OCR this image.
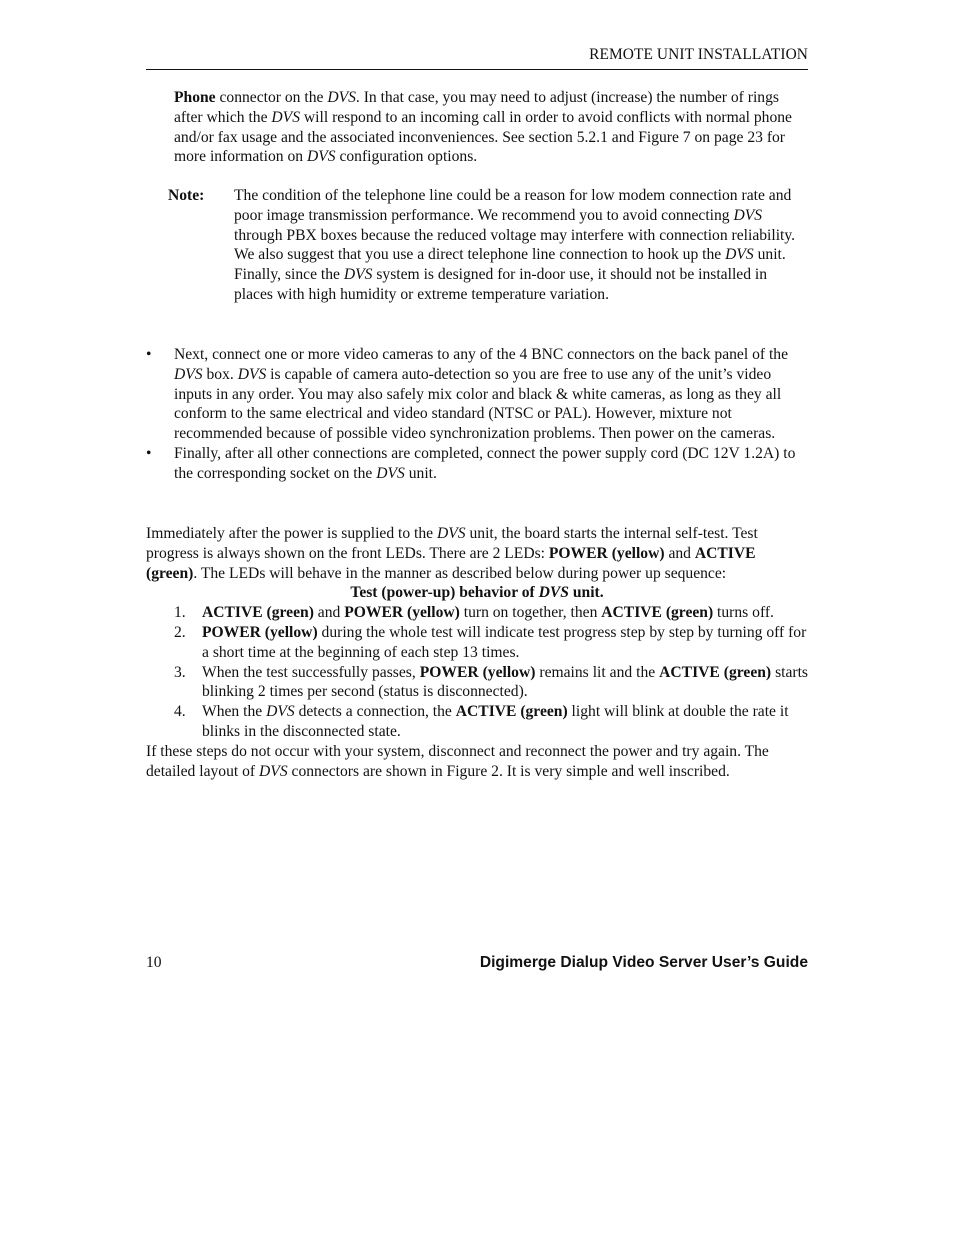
REMOTE UNIT INSTALLATION

Phone connector on the DVS. In that case, you may need to adjust (increase) the number of rings after which the DVS will respond to an incoming call in order to avoid conflicts with normal phone and/or fax usage and the associated inconveniences. See section 5.2.1 and Figure 7 on page 23 for more information on DVS configuration options.

Note: The condition of the telephone line could be a reason for low modem connection rate and poor image transmission performance. We recommend you to avoid connecting DVS through PBX boxes because the reduced voltage may interfere with connection reliability. We also suggest that you use a direct telephone line connection to hook up the DVS unit. Finally, since the DVS system is designed for in-door use, it should not be installed in places with high humidity or extreme temperature variation.

•	Next, connect one or more video cameras to any of the 4 BNC connectors on the back panel of the DVS box. DVS is capable of camera auto-detection so you are free to use any of the unit’s video inputs in any order. You may also safely mix color and black & white cameras, as long as they all conform to the same electrical and video standard (NTSC or PAL). However, mixture not recommended because of possible video synchronization problems. Then power on the cameras.
•	Finally, after all other connections are completed, connect the power supply cord (DC 12V 1.2A) to the corresponding socket on the DVS unit.

Immediately after the power is supplied to the DVS unit, the board starts the internal self-test. Test progress is always shown on the front LEDs. There are 2 LEDs: POWER (yellow) and ACTIVE (green). The LEDs will behave in the manner as described below during power up sequence:

Test (power-up) behavior of DVS unit.

1. ACTIVE (green) and POWER (yellow) turn on together, then ACTIVE (green) turns off.
2. POWER (yellow) during the whole test will indicate test progress step by step by turning off for a short time at the beginning of each step 13 times.
3. When the test successfully passes, POWER (yellow) remains lit and the ACTIVE (green) starts blinking 2 times per second (status is disconnected).
4. When the DVS detects a connection, the ACTIVE (green) light will blink at double the rate it blinks in the disconnected state.

If these steps do not occur with your system, disconnect and reconnect the power and try again. The detailed layout of DVS connectors are shown in Figure 2. It is very simple and well inscribed.

10	Digimerge Dialup Video Server User’s Guide
